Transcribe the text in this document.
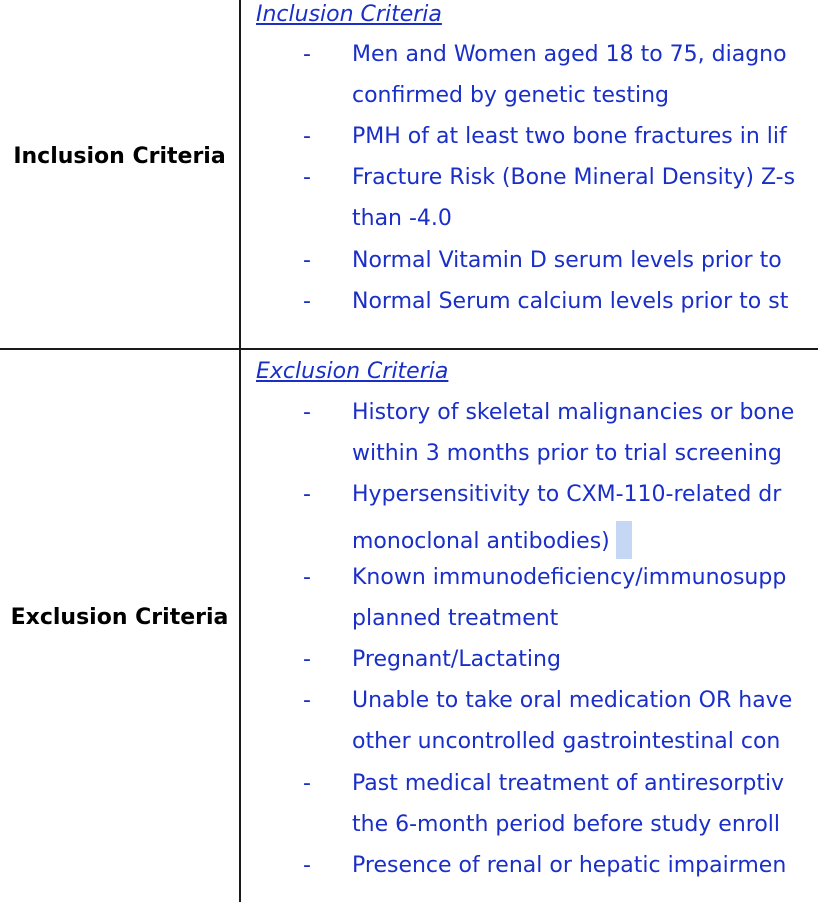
Inclusion Criteria
Inclusion Criteria
- Men and Women aged 18 to 75, diagno
confirmed by genetic testing
- PMH of at least two bone fractures in lif
- Fracture Risk (Bone Mineral Density) Z-s
than -4.0
- Normal Vitamin D serum levels prior to
- Normal Serum calcium levels prior to st
Exclusion Criteria
Exclusion Criteria
- History of skeletal malignancies or bone
within 3 months prior to trial screening
- Hypersensitivity to CXM-110-related dr
monoclonal antibodies)
- Known immunodeficiency/immunosupp
planned treatment
- Pregnant/Lactating
- Unable to take oral medication OR have
other uncontrolled gastrointestinal con
- Past medical treatment of antiresorptiv
the 6-month period before study enroll
- Presence of renal or hepatic impairmen
